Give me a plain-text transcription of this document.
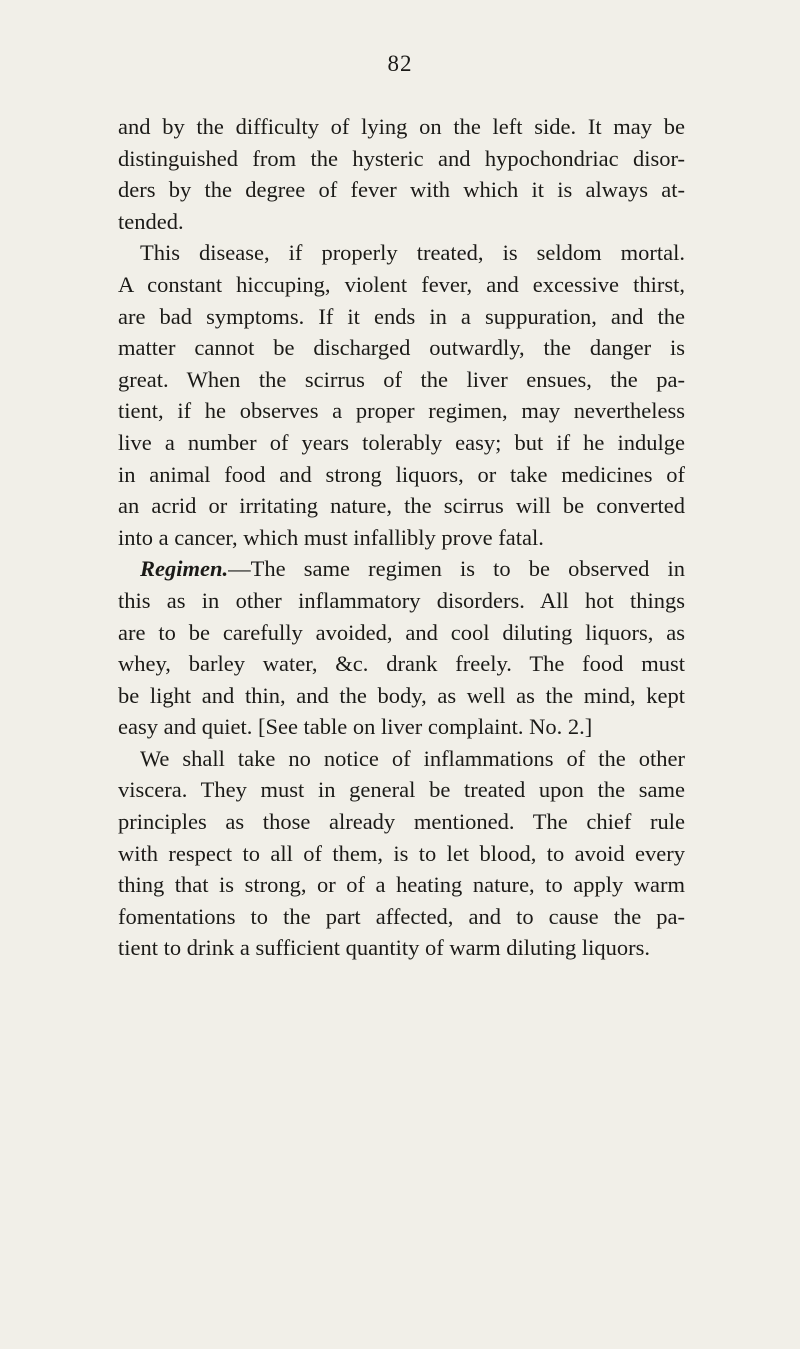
82
and by the difficulty of lying on the left side. It may be
distinguished from the hysteric and hypochondriac disor-
ders by the degree of fever with which it is always at-
tended.
This disease, if properly treated, is seldom mortal.
A constant hiccuping, violent fever, and excessive thirst,
are bad symptoms. If it ends in a suppuration, and the
matter cannot be discharged outwardly, the danger is
great. When the scirrus of the liver ensues, the pa-
tient, if he observes a proper regimen, may nevertheless
live a number of years tolerably easy; but if he indulge
in animal food and strong liquors, or take medicines of
an acrid or irritating nature, the scirrus will be converted
into a cancer, which must infallibly prove fatal.
Regimen.—The same regimen is to be observed in
this as in other inflammatory disorders. All hot things
are to be carefully avoided, and cool diluting liquors, as
whey, barley water, &c. drank freely. The food must
be light and thin, and the body, as well as the mind, kept
easy and quiet. [See table on liver complaint. No. 2.]
We shall take no notice of inflammations of the other
viscera. They must in general be treated upon the same
principles as those already mentioned. The chief rule
with respect to all of them, is to let blood, to avoid every
thing that is strong, or of a heating nature, to apply warm
fomentations to the part affected, and to cause the pa-
tient to drink a sufficient quantity of warm diluting liquors.
